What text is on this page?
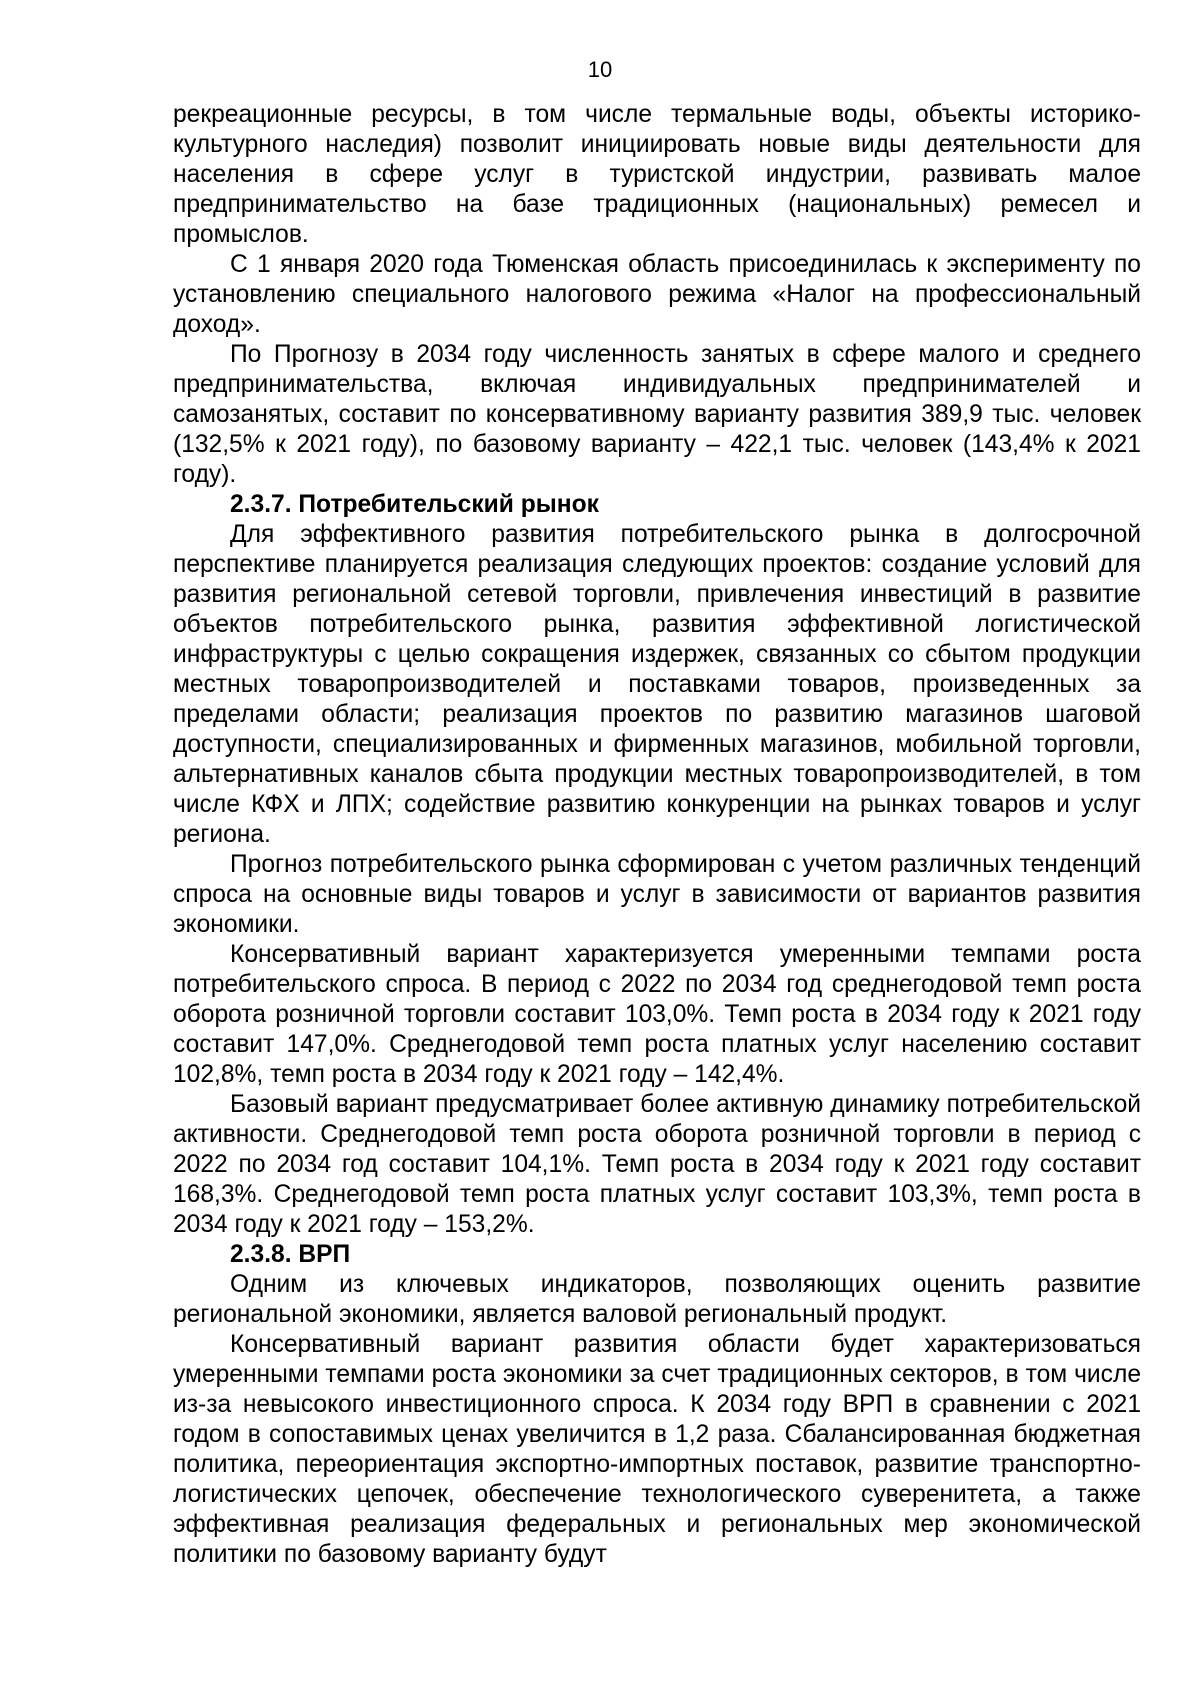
10

рекреационные ресурсы, в том числе термальные воды, объекты историко-культурного наследия) позволит инициировать новые виды деятельности для населения в сфере услуг в туристской индустрии, развивать малое предпринимательство на базе традиционных (национальных) ремесел и промыслов.

С 1 января 2020 года Тюменская область присоединилась к эксперименту по установлению специального налогового режима «Налог на профессиональный доход».

По Прогнозу в 2034 году численность занятых в сфере малого и среднего предпринимательства, включая индивидуальных предпринимателей и самозанятых, составит по консервативному варианту развития 389,9 тыс. человек (132,5% к 2021 году), по базовому варианту – 422,1 тыс. человек (143,4% к 2021 году).

2.3.7. Потребительский рынок

Для эффективного развития потребительского рынка в долгосрочной перспективе планируется реализация следующих проектов: создание условий для развития региональной сетевой торговли, привлечения инвестиций в развитие объектов потребительского рынка, развития эффективной логистической инфраструктуры с целью сокращения издержек, связанных со сбытом продукции местных товаропроизводителей и поставками товаров, произведенных за пределами области; реализация проектов по развитию магазинов шаговой доступности, специализированных и фирменных магазинов, мобильной торговли, альтернативных каналов сбыта продукции местных товаропроизводителей, в том числе КФХ и ЛПХ; содействие развитию конкуренции на рынках товаров и услуг региона.

Прогноз потребительского рынка сформирован с учетом различных тенденций спроса на основные виды товаров и услуг в зависимости от вариантов развития экономики.

Консервативный вариант характеризуется умеренными темпами роста потребительского спроса. В период с 2022 по 2034 год среднегодовой темп роста оборота розничной торговли составит 103,0%. Темп роста в 2034 году к 2021 году составит 147,0%. Среднегодовой темп роста платных услуг населению составит 102,8%, темп роста в 2034 году к 2021 году – 142,4%.

Базовый вариант предусматривает более активную динамику потребительской активности. Среднегодовой темп роста оборота розничной торговли в период с 2022 по 2034 год составит 104,1%. Темп роста в 2034 году к 2021 году составит 168,3%. Среднегодовой темп роста платных услуг составит 103,3%, темп роста в 2034 году к 2021 году – 153,2%.

2.3.8. ВРП

Одним из ключевых индикаторов, позволяющих оценить развитие региональной экономики, является валовой региональный продукт.

Консервативный вариант развития области будет характеризоваться умеренными темпами роста экономики за счет традиционных секторов, в том числе из-за невысокого инвестиционного спроса. К 2034 году ВРП в сравнении с 2021 годом в сопоставимых ценах увеличится в 1,2 раза. Сбалансированная бюджетная политика, переориентация экспортно-импортных поставок, развитие транспортно-логистических цепочек, обеспечение технологического суверенитета, а также эффективная реализация федеральных и региональных мер экономической политики по базовому варианту будут
